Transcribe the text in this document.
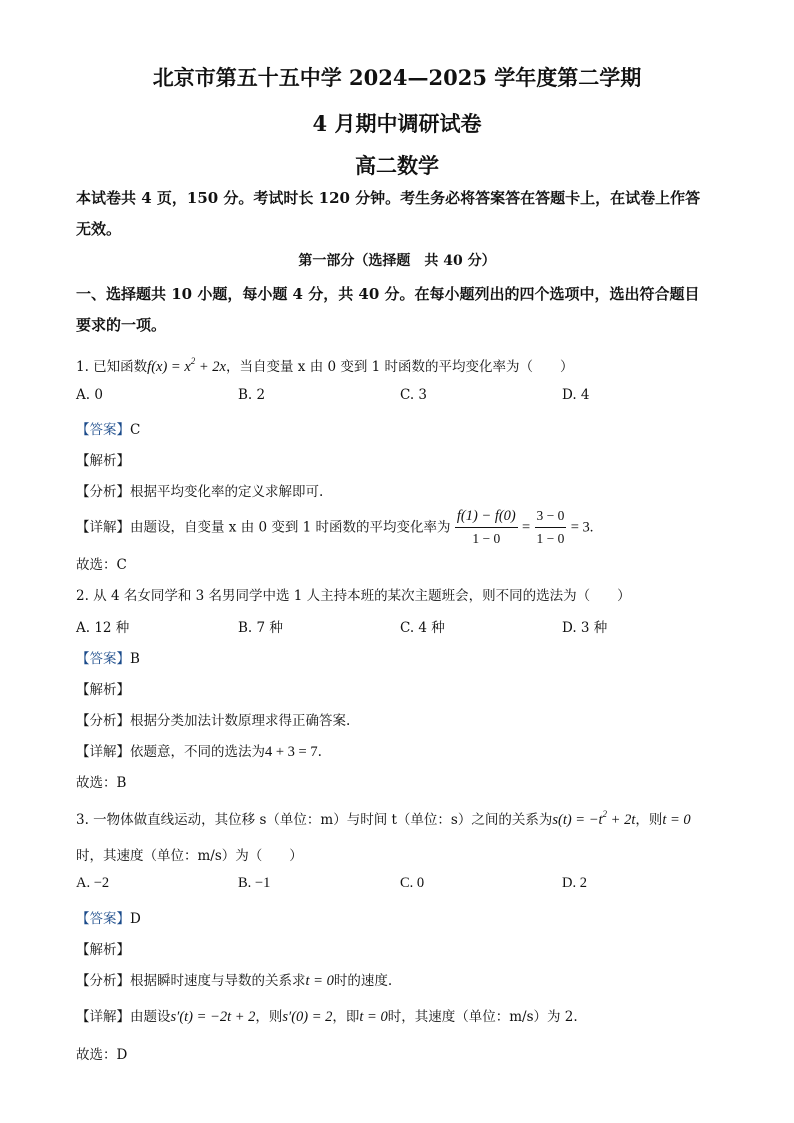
北京市第五十五中学 2024—2025 学年度第二学期
4 月期中调研试卷
高二数学
本试卷共 4 页，150 分。考试时长 120 分钟。考生务必将答案答在答题卡上，在试卷上作答
无效。
第一部分（选择题　共 40 分）
一、选择题共 10 小题，每小题 4 分，共 40 分。在每小题列出的四个选项中，选出符合题目
要求的一项。
1. 已知函数$f(x) = x^2 + 2x$，当自变量 x 由 0 变到 1 时函数的平均变化率为（　　）
A. 0	B. 2	C. 3	D. 4
【答案】C
【解析】
【分析】根据平均变化率的定义求解即可.
【详解】由题设，自变量 x 由 0 变到 1 时函数的平均变化率为 $\frac{f(1) - f(0)}{1 - 0} = \frac{3 - 0}{1 - 0} = 3$.
故选：C
2. 从 4 名女同学和 3 名男同学中选 1 人主持本班的某次主题班会，则不同的选法为（　　）
A. 12 种	B. 7 种	C. 4 种	D. 3 种
【答案】B
【解析】
【分析】根据分类加法计数原理求得正确答案.
【详解】依题意，不同的选法为4 + 3 = 7.
故选：B
3. 一物体做直线运动，其位移 s（单位：m）与时间 t（单位：s）之间的关系为$s(t) = -t^2 + 2t$，则t = 0
时，其速度（单位：m/s）为（　　）
A. −2	B. −1	C. 0	D. 2
【答案】D
【解析】
【分析】根据瞬时速度与导数的关系求t = 0时的速度.
【详解】由题设s′(t) = −2t + 2，则s′(0) = 2，即t = 0时，其速度（单位：m/s）为 2.
故选：D
